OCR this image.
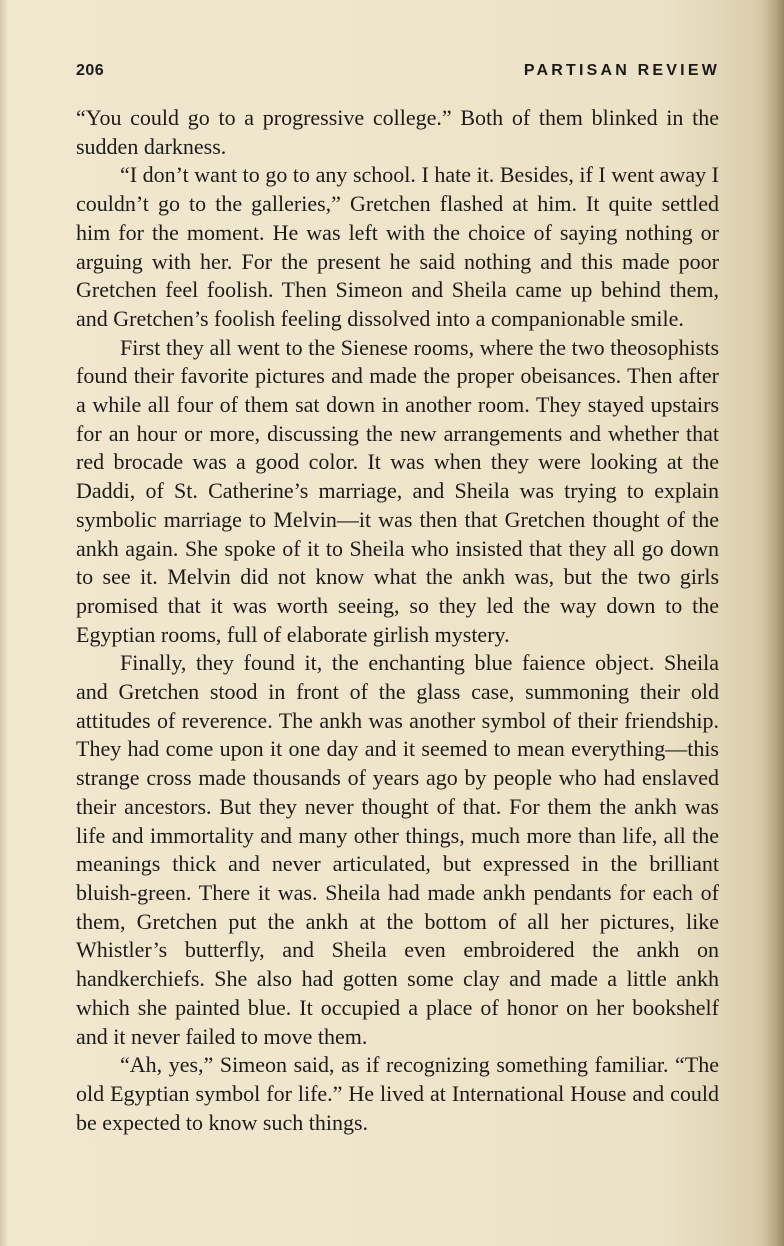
206	PARTISAN REVIEW

“You could go to a progressive college.” Both of them blinked in the sudden darkness.

“I don’t want to go to any school. I hate it. Besides, if I went away I couldn’t go to the galleries,” Gretchen flashed at him. It quite settled him for the moment. He was left with the choice of saying nothing or arguing with her. For the present he said nothing and this made poor Gretchen feel foolish. Then Simeon and Sheila came up behind them, and Gretchen’s foolish feeling dissolved into a companionable smile.

First they all went to the Sienese rooms, where the two theosophists found their favorite pictures and made the proper obeisances. Then after a while all four of them sat down in another room. They stayed upstairs for an hour or more, discussing the new arrangements and whether that red brocade was a good color. It was when they were looking at the Daddi, of St. Catherine’s marriage, and Sheila was trying to explain symbolic marriage to Melvin—it was then that Gretchen thought of the ankh again. She spoke of it to Sheila who insisted that they all go down to see it. Melvin did not know what the ankh was, but the two girls promised that it was worth seeing, so they led the way down to the Egyptian rooms, full of elaborate girlish mystery.

Finally, they found it, the enchanting blue faience object. Sheila and Gretchen stood in front of the glass case, summoning their old attitudes of reverence. The ankh was another symbol of their friendship. They had come upon it one day and it seemed to mean everything—this strange cross made thousands of years ago by people who had enslaved their ancestors. But they never thought of that. For them the ankh was life and immortality and many other things, much more than life, all the meanings thick and never articulated, but expressed in the brilliant bluish-green. There it was. Sheila had made ankh pendants for each of them, Gretchen put the ankh at the bottom of all her pictures, like Whistler’s butterfly, and Sheila even embroidered the ankh on handkerchiefs. She also had gotten some clay and made a little ankh which she painted blue. It occupied a place of honor on her bookshelf and it never failed to move them.

“Ah, yes,” Simeon said, as if recognizing something familiar. “The old Egyptian symbol for life.” He lived at International House and could be expected to know such things.
